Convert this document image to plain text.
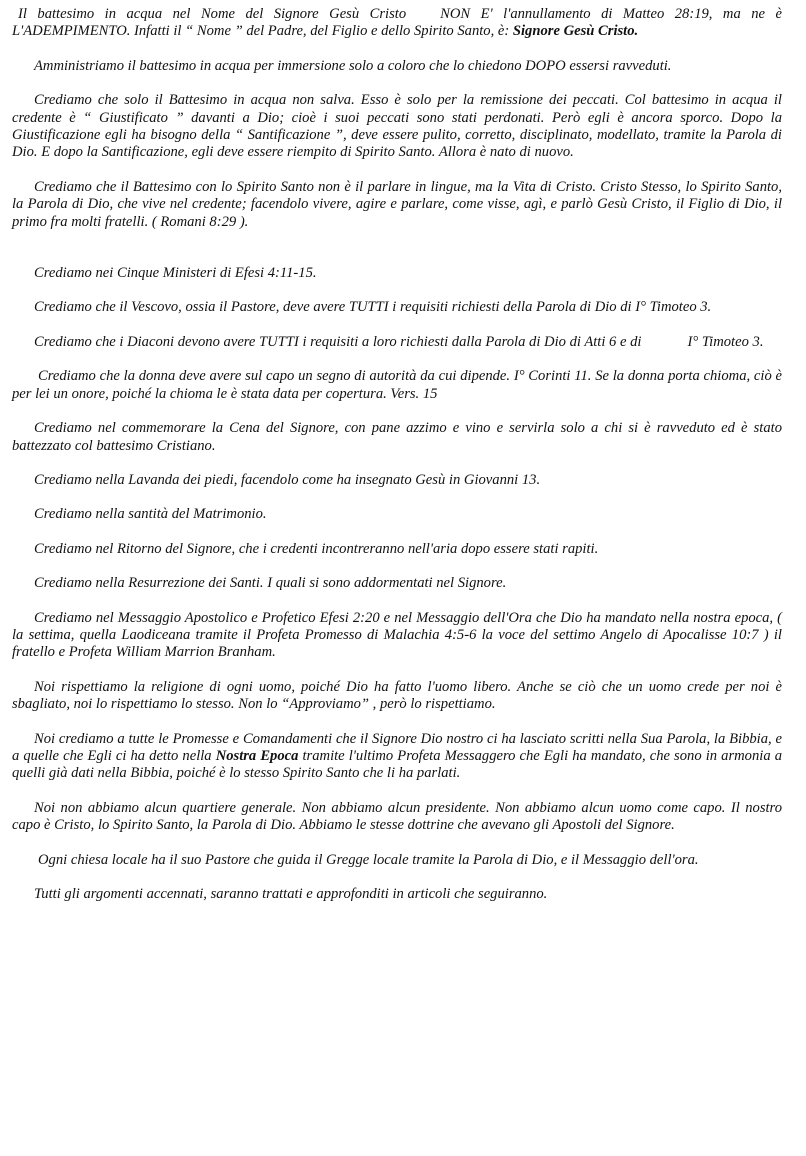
Il battesimo in acqua nel Nome del Signore Gesù Cristo NON E' l'annullamento di Matteo 28:19, ma ne è L'ADEMPIMENTO. Infatti il “ Nome ” del Padre, del Figlio e dello Spirito Santo, è: Signore Gesù Cristo.

Amministriamo il battesimo in acqua per immersione solo a coloro che lo chiedono DOPO essersi ravveduti.

Crediamo che solo il Battesimo in acqua non salva. Esso è solo per la remissione dei peccati. Col battesimo in acqua il credente è “ Giustificato ” davanti a Dio; cioè i suoi peccati sono stati perdonati. Però egli è ancora sporco. Dopo la Giustificazione egli ha bisogno della “ Santificazione ”, deve essere pulito, corretto, disciplinato, modellato, tramite la Parola di Dio. E dopo la Santificazione, egli deve essere riempito di Spirito Santo. Allora è nato di nuovo.

Crediamo che il Battesimo con lo Spirito Santo non è il parlare in lingue, ma la Vita di Cristo. Cristo Stesso, lo Spirito Santo, la Parola di Dio, che vive nel credente; facendolo vivere, agire e parlare, come visse, agì, e parlò Gesù Cristo, il Figlio di Dio, il primo fra molti fratelli. ( Romani 8:29 ).

Crediamo nei Cinque Ministeri di Efesi 4:11-15.

Crediamo che il Vescovo, ossia il Pastore, deve avere TUTTI i requisiti richiesti della Parola di Dio di I° Timoteo 3.

Crediamo che i Diaconi devono avere TUTTI i requisiti a loro richiesti dalla Parola di Dio di Atti 6 e di	I° Timoteo 3.

Crediamo che la donna deve avere sul capo un segno di autorità da cui dipende. I° Corinti 11. Se la donna porta chioma, ciò è per lei un onore, poiché la chioma le è stata data per copertura. Vers. 15

Crediamo nel commemorare la Cena del Signore, con pane azzimo e vino e servirla solo a chi si è ravveduto ed è stato battezzato col battesimo Cristiano.

Crediamo nella Lavanda dei piedi, facendolo come ha insegnato Gesù in Giovanni 13.

Crediamo nella santità del Matrimonio.

Crediamo nel Ritorno del Signore, che i credenti incontreranno nell'aria dopo essere stati rapiti.

Crediamo nella Resurrezione dei Santi. I quali si sono addormentati nel Signore.

Crediamo nel Messaggio Apostolico e Profetico Efesi 2:20 e nel Messaggio dell'Ora che Dio ha mandato nella nostra epoca, ( la settima, quella Laodiceana tramite il Profeta Promesso di Malachia 4:5-6 la voce del settimo Angelo di Apocalisse 10:7 ) il fratello e Profeta William Marrion Branham.

Noi rispettiamo la religione di ogni uomo, poiché Dio ha fatto l'uomo libero. Anche se ciò che un uomo crede per noi è sbagliato, noi lo rispettiamo lo stesso. Non lo “Approviamo” , però lo rispettiamo.

Noi crediamo a tutte le Promesse e Comandamenti che il Signore Dio nostro ci ha lasciato scritti nella Sua Parola, la Bibbia, e a quelle che Egli ci ha detto nella Nostra Epoca tramite l'ultimo Profeta Messaggero che Egli ha mandato, che sono in armonia a quelli già dati nella Bibbia, poiché è lo stesso Spirito Santo che li ha parlati.

Noi non abbiamo alcun quartiere generale. Non abbiamo alcun presidente. Non abbiamo alcun uomo come capo. Il nostro capo è Cristo, lo Spirito Santo, la Parola di Dio. Abbiamo le stesse dottrine che avevano gli Apostoli del Signore.

Ogni chiesa locale ha il suo Pastore che guida il Gregge locale tramite la Parola di Dio, e il Messaggio dell'ora.

Tutti gli argomenti accennati, saranno trattati e approfonditi in articoli che seguiranno.
